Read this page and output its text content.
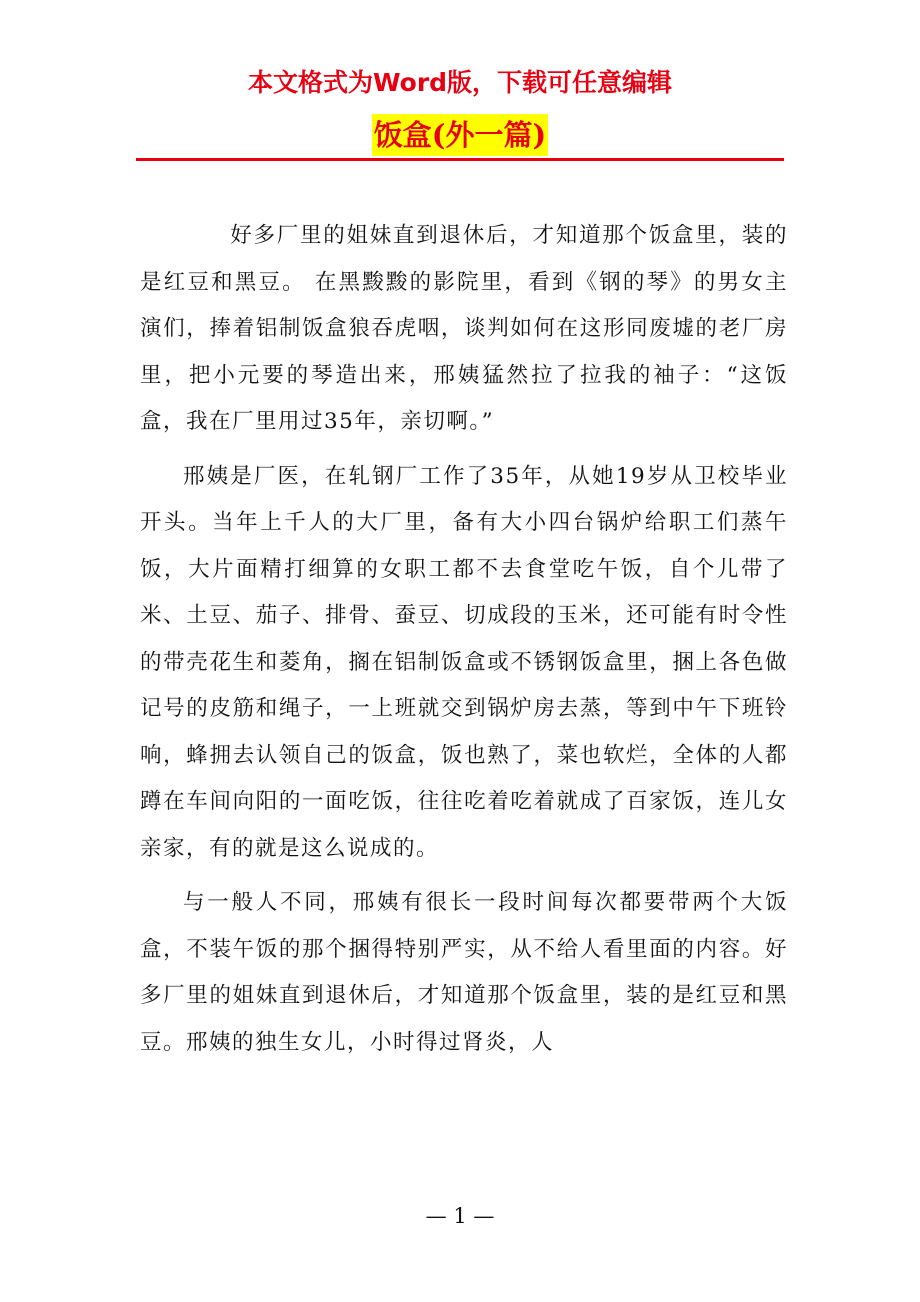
本文格式为Word版，下载可任意编辑
饭盒(外一篇)

好多厂里的姐妹直到退休后，才知道那个饭盒里，装的是红豆和黑豆。 在黑黢黢的影院里，看到《钢的琴》的男女主演们，捧着铝制饭盒狼吞虎咽，谈判如何在这形同废墟的老厂房里，把小元要的琴造出来，邢姨猛然拉了拉我的袖子：“这饭盒，我在厂里用过35年，亲切啊。”

邢姨是厂医，在轧钢厂工作了35年，从她19岁从卫校毕业开头。当年上千人的大厂里，备有大小四台锅炉给职工们蒸午饭，大片面精打细算的女职工都不去食堂吃午饭，自个儿带了米、土豆、茄子、排骨、蚕豆、切成段的玉米，还可能有时令性的带壳花生和菱角，搁在铝制饭盒或不锈钢饭盒里，捆上各色做记号的皮筋和绳子，一上班就交到锅炉房去蒸，等到中午下班铃响，蜂拥去认领自己的饭盒，饭也熟了，菜也软烂，全体的人都蹲在车间向阳的一面吃饭，往往吃着吃着就成了百家饭，连儿女亲家，有的就是这么说成的。

与一般人不同，邢姨有很长一段时间每次都要带两个大饭盒，不装午饭的那个捆得特别严实，从不给人看里面的内容。好多厂里的姐妹直到退休后，才知道那个饭盒里，装的是红豆和黑豆。邢姨的独生女儿，小时得过肾炎，人

— 1 —
